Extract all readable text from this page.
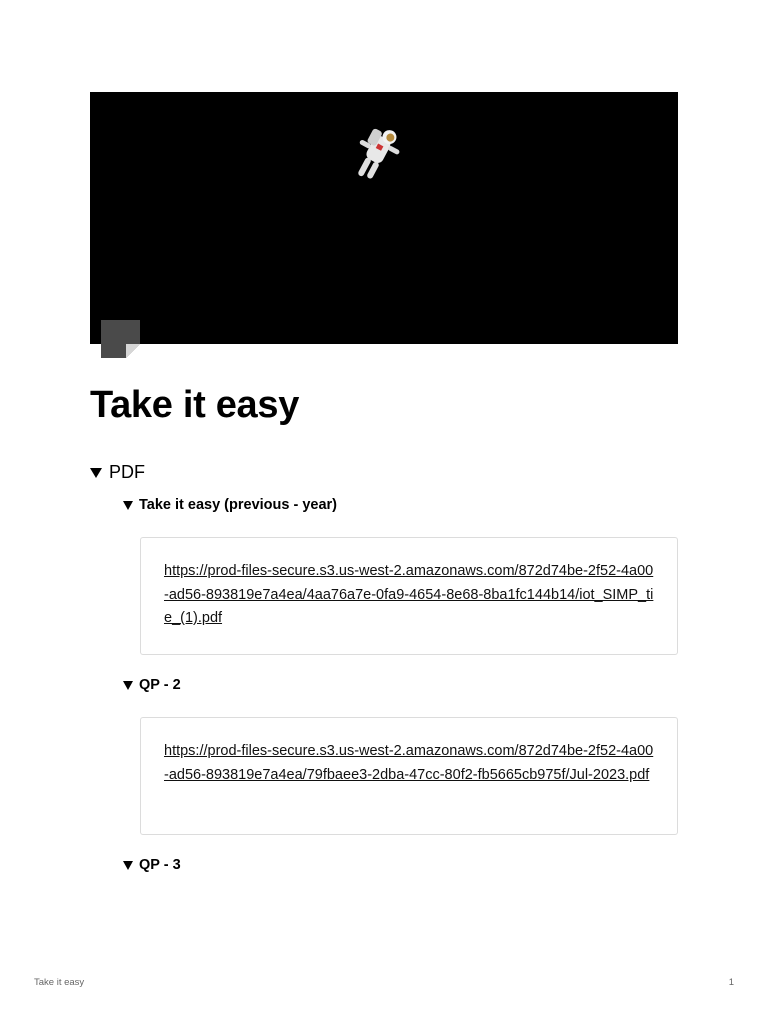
Take it easy
PDF
Take it easy (previous - year)
https://prod-files-secure.s3.us-west-2.amazonaws.com/872d74be-2f52-4a00-ad56-893819e7a4ea/4aa76a7e-0fa9-4654-8e68-8ba1fc144b14/iot_SIMP_tie_(1).pdf
QP - 2
https://prod-files-secure.s3.us-west-2.amazonaws.com/872d74be-2f52-4a00-ad56-893819e7a4ea/79fbaee3-2dba-47cc-80f2-fb5665cb975f/Jul-2023.pdf
QP - 3
Take it easy	1
